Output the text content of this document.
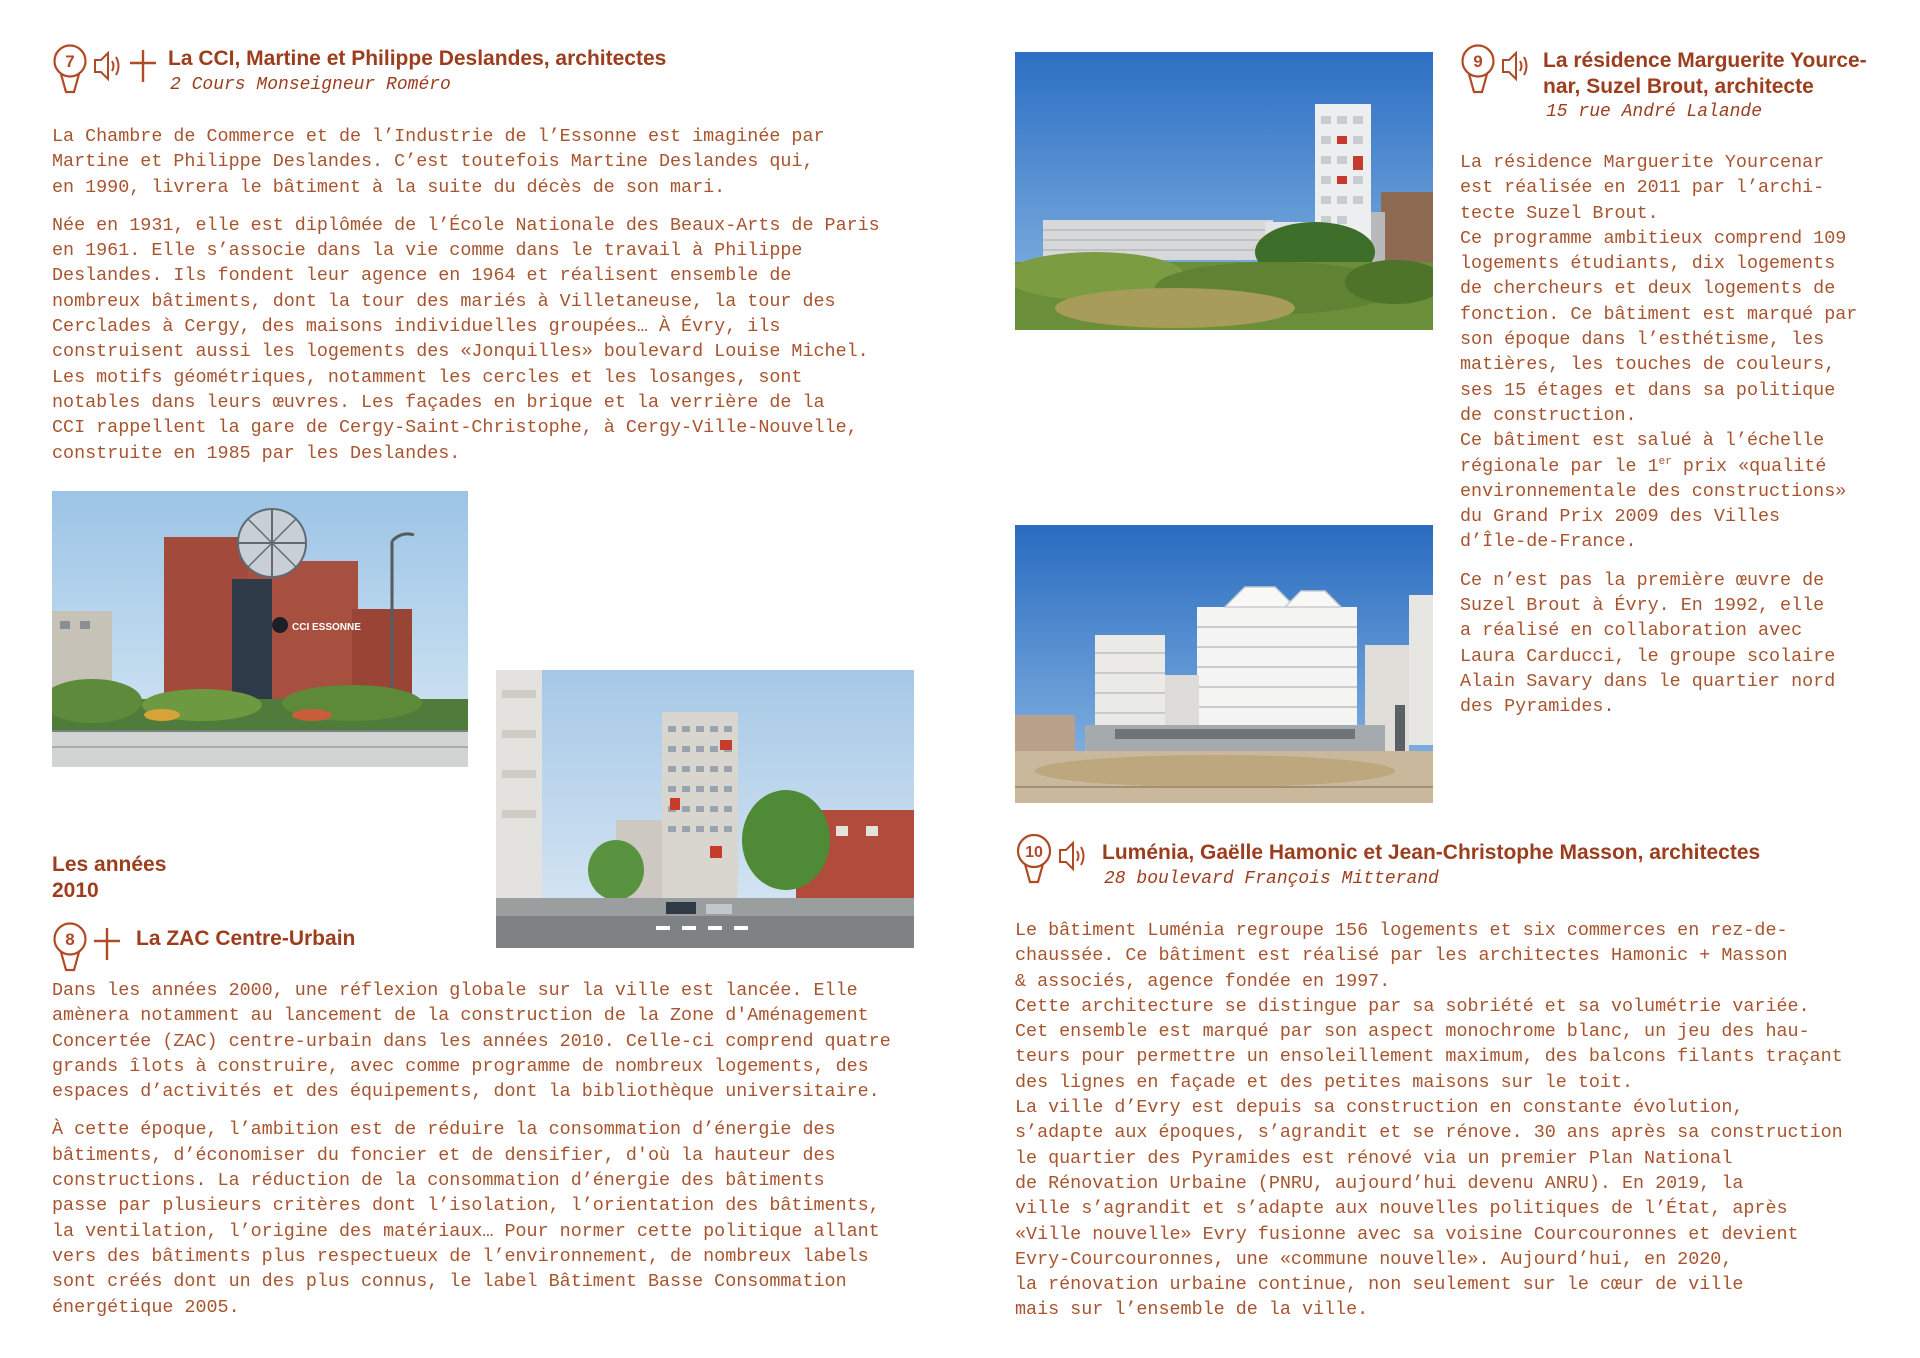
7	La CCI, Martine et Philippe Deslandes, architectes
2 Cours Monseigneur Roméro

La Chambre de Commerce et de l’Industrie de l’Essonne est imaginée par
Martine et Philippe Deslandes. C’est toutefois Martine Deslandes qui,
en 1990, livrera le bâtiment à la suite du décès de son mari.

Née en 1931, elle est diplômée de l’École Nationale des Beaux-Arts de Paris
en 1961. Elle s’associe dans la vie comme dans le travail à Philippe
Deslandes. Ils fondent leur agence en 1964 et réalisent ensemble de
nombreux bâtiments, dont la tour des mariés à Villetaneuse, la tour des
Cerclades à Cergy, des maisons individuelles groupées… À Évry, ils
construisent aussi les logements des «Jonquilles» boulevard Louise Michel.
Les motifs géométriques, notamment les cercles et les losanges, sont
notables dans leurs œuvres. Les façades en brique et la verrière de la
CCI rappellent la gare de Cergy-Saint-Christophe, à Cergy-Ville-Nouvelle,
construite en 1985 par les Deslandes.

CCI ESSONNE
Les années
2010
8	La ZAC Centre-Urbain

Dans les années 2000, une réflexion globale sur la ville est lancée. Elle
amènera notamment au lancement de la construction de la Zone d'Aménagement
Concertée (ZAC) centre-urbain dans les années 2010. Celle-ci comprend quatre
grands îlots à construire, avec comme programme de nombreux logements, des
espaces d’activités et des équipements, dont la bibliothèque universitaire.

À cette époque, l’ambition est de réduire la consommation d’énergie des
bâtiments, d’économiser du foncier et de densifier, d'où la hauteur des
constructions. La réduction de la consommation d’énergie des bâtiments
passe par plusieurs critères dont l’isolation, l’orientation des bâtiments,
la ventilation, l’origine des matériaux… Pour normer cette politique allant
vers des bâtiments plus respectueux de l’environnement, de nombreux labels
sont créés dont un des plus connus, le label Bâtiment Basse Consommation
énergétique 2005.

9	La résidence Marguerite Yource-
nar, Suzel Brout, architecte
15 rue André Lalande

La résidence Marguerite Yourcenar
est réalisée en 2011 par l’archi-
tecte Suzel Brout.
Ce programme ambitieux comprend 109
logements étudiants, dix logements
de chercheurs et deux logements de
fonction. Ce bâtiment est marqué par
son époque dans l’esthétisme, les
matières, les touches de couleurs,
ses 15 étages et dans sa politique
de construction.
Ce bâtiment est salué à l’échelle
régionale par le 1er prix «qualité
environnementale des constructions»
du Grand Prix 2009 des Villes
d’Île-de-France.

Ce n’est pas la première œuvre de
Suzel Brout à Évry. En 1992, elle
a réalisé en collaboration avec
Laura Carducci, le groupe scolaire
Alain Savary dans le quartier nord
des Pyramides.

10	Luménia, Gaëlle Hamonic et Jean-Christophe Masson, architectes
28 boulevard François Mitterand

Le bâtiment Luménia regroupe 156 logements et six commerces en rez-de-
chaussée. Ce bâtiment est réalisé par les architectes Hamonic + Masson
& associés, agence fondée en 1997.
Cette architecture se distingue par sa sobriété et sa volumétrie variée.
Cet ensemble est marqué par son aspect monochrome blanc, un jeu des hau-
teurs pour permettre un ensoleillement maximum, des balcons filants traçant
des lignes en façade et des petites maisons sur le toit.
La ville d’Evry est depuis sa construction en constante évolution,
s’adapte aux époques, s’agrandit et se rénove. 30 ans après sa construction
le quartier des Pyramides est rénové via un premier Plan National
de Rénovation Urbaine (PNRU, aujourd’hui devenu ANRU). En 2019, la
ville s’agrandit et s’adapte aux nouvelles politiques de l’État, après
«Ville nouvelle» Evry fusionne avec sa voisine Courcouronnes et devient
Evry-Courcouronnes, une «commune nouvelle». Aujourd’hui, en 2020,
la rénovation urbaine continue, non seulement sur le cœur de ville
mais sur l’ensemble de la ville.
